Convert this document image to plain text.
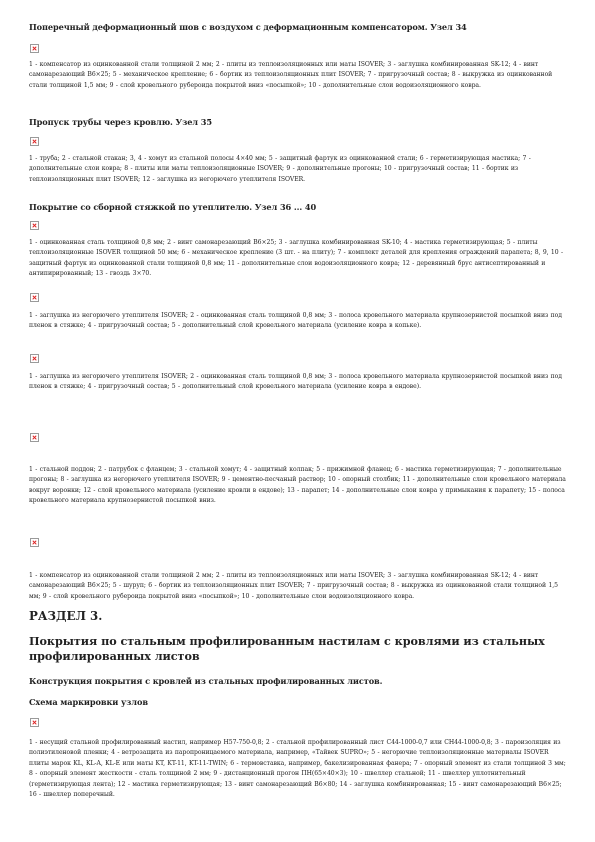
Поперечный деформационный шов с воздухом с деформационным компенсатором. Узел 34
1 - компенсатор из оцинкованной стали толщиной 2 мм; 2 - плиты из теплоизоляционных или маты ISOVER; 3 - заглушка комбинированная SK-12; 4 - винт самонарезающий В6×25; 5 - механическое крепление; 6 - бортик из теплоизоляционных плит ISOVER; 7 - пригрузочный состав; 8 - выкружка из оцинкованной стали толщиной 1,5 мм; 9 - слой кровельного рубероида покрытой вниз «посыпкой»; 10 - дополнительные слои водоизоляционного ковра.
Пропуск трубы через кровлю. Узел 35
1 - труба; 2 - стальной стакан; 3, 4 - хомут из стальной полосы 4×40 мм; 5 - защитный фартук из оцинкованной стали; 6 - герметизирующая мастика; 7 - дополнительные слои ковра; 8 - плиты или маты теплоизоляционные ISOVER; 9 - дополнительные прогоны; 10 - пригрузочный состав; 11 - бортик из теплоизоляционных плит ISOVER; 12 - заглушка из негорючего утеплителя ISOVER.
Покрытие со сборной стяжкой по утеплителю. Узел 36 ... 40
1 - оцинкованная сталь толщиной 0,8 мм; 2 - винт самонарезающий В6×25; 3 - заглушка комбинированная SK-10; 4 - мастика герметизирующая; 5 - плиты теплоизоляционные ISOVER толщиной 50 мм; 6 - механическое крепление (3 шт. - на плиту); 7 - комплект деталей для крепления ограждений парапета; 8, 9, 10 - защитный фартук из оцинкованной стали толщиной 0,8 мм; 11 - дополнительные слои водоизоляционного ковра; 12 - деревянный брус антисептированный и антипирированный; 13 - гвоздь 3×70.
1 - заглушка из негорючего утеплителя ISOVER; 2 - оцинкованная сталь толщиной 0,8 мм; 3 - полоса кровельного материала крупнозернистой посыпкой вниз под пленок в стяжке; 4 - пригрузочный состав; 5 - дополнительный слой кровельного материала (усиление ковра в копьке).
1 - заглушка из негорючего утеплителя ISOVER; 2 - оцинкованная сталь толщиной 0,8 мм; 3 - полоса кровельного материала крупнозернистой посыпкой вниз под пленок в стяжке; 4 - пригрузочный состав; 5 - дополнительный слой кровельного материала (усиление ковра в ендове).
1 - стальной поддон; 2 - патрубок с фланцем; 3 - стальной хомут; 4 - защитный колпак; 5 - прижимной фланец; 6 - мастика герметизирующая; 7 - дополнительные прогоны; 8 - заглушка из негорючего утеплителя ISOVER; 9 - цементно-песчаный раствор; 10 - опорный столбик; 11 - дополнительные слои кровельного материала вокруг воронки; 12 - слой кровельного материала (усиление кровли в ендове); 13 - парапет; 14 - дополнительные слои ковра у примыкания к парапету; 15 - полоса кровельного материала крупнозернистой посыпкой вниз.
1 - компенсатор из оцинкованной стали толщиной 2 мм; 2 - плиты из теплоизоляционных или маты ISOVER; 3 - заглушка комбинированная SK-12; 4 - винт самонарезающий В6×25; 5 - шуруп; 6 - бортик из теплоизоляционных плит ISOVER; 7 - пригрузочный состав; 8 - выкружка из оцинкованной стали толщиной 1,5 мм; 9 - слой кровельного рубероида покрытой вниз «посыпкой»; 10 - дополнительные слои водоизоляционного ковра.
РАЗДЕЛ 3.
Покрытия по стальным профилированным настилам с кровлями из стальных профилированных листов
Конструкция покрытия с кровлей из стальных профилированных листов.
Схема маркировки узлов
1 - несущий стальной профилированный настил, например Н57-750-0,8; 2 - стальной профилированный лист С44-1000-0,7 или СН44-1000-0,8; 3 - пароизоляция из полиэтиленовой пленки; 4 - ветрозащита из паропроницаемого материала, например, «Тайвек SUPRO»; 5 - негорючие теплоизоляционные материалы ISOVER плиты марок KL, KL-A, KL-E или маты KT, KT-11, KT-11-TWIN; 6 - термовставка, например, бакелизированная фанера; 7 - опорный элемент из стали толщиной 3 мм; 8 - опорный элемент жесткости - сталь толщиной 2 мм; 9 - дистанционный прогон ПН(65×40×3); 10 - швеллер стальной; 11 - швеллер уплотнительный (герметизирующая лента); 12 - мастика герметизирующая; 13 - винт самонарезающий В6×80; 14 - заглушка комбинированная; 15 - винт самонарезающий В6×25; 16 - швеллер поперечный.
